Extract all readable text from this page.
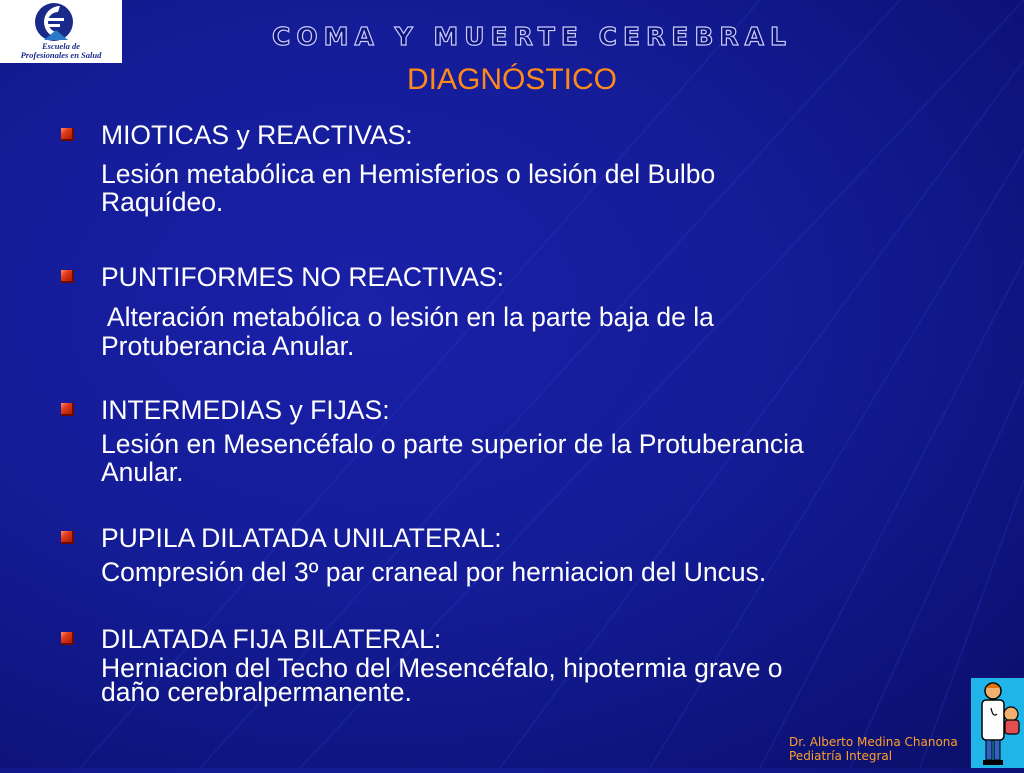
Escuela de
Profesionales en Salud
COMA Y MUERTE CEREBRAL
DIAGNÓSTICO
MIOTICAS y REACTIVAS:
Lesión metabólica en Hemisferios o lesión del Bulbo
Raquídeo.
PUNTIFORMES NO REACTIVAS:
Alteración metabólica o lesión en la parte baja de la
Protuberancia Anular.
INTERMEDIAS y FIJAS:
Lesión en Mesencéfalo o parte superior de la Protuberancia
Anular.
PUPILA DILATADA UNILATERAL:
Compresión del 3º par craneal por herniacion del Uncus.
DILATADA FIJA BILATERAL:
Herniacion del Techo del Mesencéfalo, hipotermia grave o
daño cerebralpermanente.
Dr. Alberto Medina Chanona
Pediatría Integral
